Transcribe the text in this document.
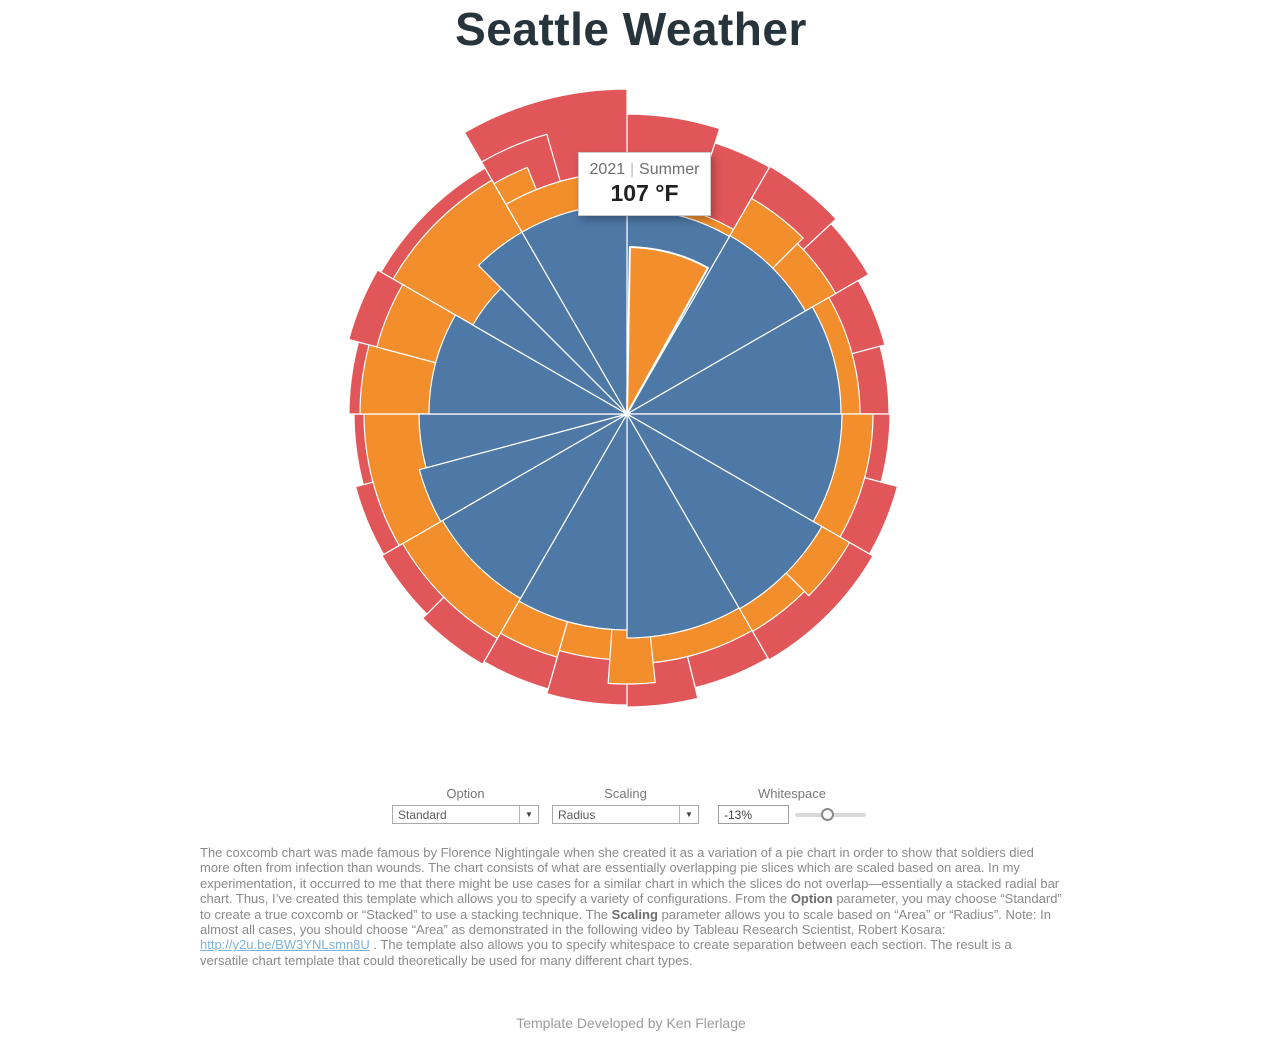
Seattle Weather
2021 | Summer
107 °F
Option	Scaling	Whitespace
Standard	▼	Radius	▼
-13%
The coxcomb chart was made famous by Florence Nightingale when she created it as a variation of a pie chart in order to show that soldiers died more often from infection than wounds. The chart consists of what are essentially overlapping pie slices which are scaled based on area. In my experimentation, it occurred to me that there might be use cases for a similar chart in which the slices do not overlap—essentially a stacked radial bar chart. Thus, I’ve created this template which allows you to specify a variety of configurations. From the Option parameter, you may choose “Standard” to create a true coxcomb or “Stacked” to use a stacking technique. The Scaling parameter allows you to scale based on “Area” or “Radius”. Note: In almost all cases, you should choose “Area” as demonstrated in the following video by Tableau Research Scientist, Robert Kosara: http://y2u.be/BW3YNLsmn8U . The template also allows you to specify whitespace to create separation between each section. The result is a versatile chart template that could theoretically be used for many different chart types.
Template Developed by Ken Flerlage
